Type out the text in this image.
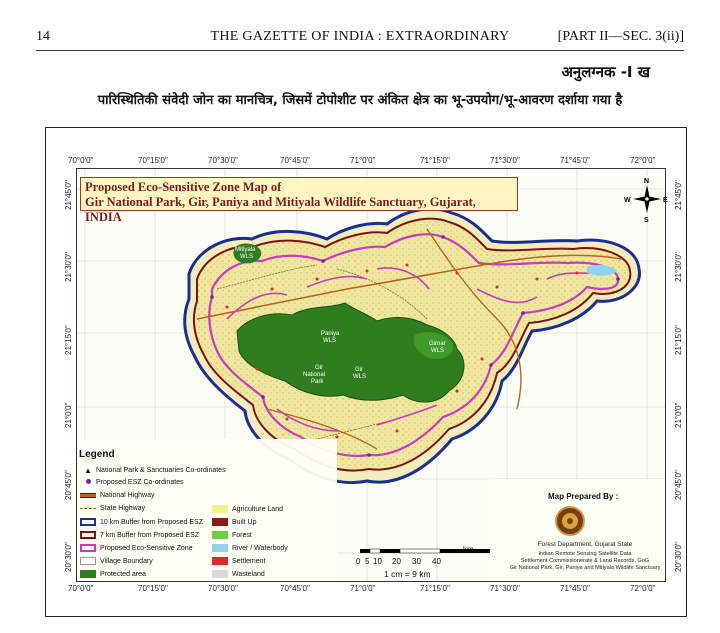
14	THE GAZETTE OF INDIA : EXTRAORDINARY	[PART II—SEC. 3(ii)]
अनुलग्नक -I ख
पारिस्थितिकी संवेदी जोन का मानचित्र, जिसमें टोपोशीट पर अंकित क्षेत्र का भू-उपयोग/भू-आवरण दर्शाया गया है
70°0'0"	70°15'0"	70°30'0"	70°45'0"	71°0'0"	71°15'0"	71°30'0"	71°45'0"	72°0'0"
70°0'0"	70°15'0"	70°30'0"	70°45'0"	71°0'0"	71°15'0"	71°30'0"	71°45'0"	72°0'0"
21°45'0"
21°30'0"
21°15'0"
21°0'0"
20°45'0"
20°30'0"
21°45'0"
21°30'0"
21°15'0"
21°0'0"
20°45'0"
20°30'0"
Mitiyala WLS
Paniya WLS
Gir National Park
Gir WLS
Girnar WLS
N
S
E
W
Proposed Eco-Sensitive Zone Map of
Gir National Park, Gir, Paniya and Mitiyala Wildlife Sanctuary, Gujarat, INDIA
Legend
▲ National Park & Sanctuaries Co-ordinates
Proposed ESZ Co-ordinates
National Highway
State Highway
10 km Buffer from Proposed ESZ
7 km Buffer from Proposed ESZ
Proposed Eco-Sensitive Zone
Village Boundary
Protected area
Agriculture Land
Built Up
Forest
River / Waterbody
Settlement
Wasteland
0 5 10 20 30 40
km
1 cm = 9 km
Map Prepared By :
Forest Department, Gujarat State
Indian Remote Sensing Satellite Data
Settlement Commissionerate & Land Records, GoG
Gir National Park, Gir, Paniya and Mitiyala Wildlife Sanctuary
